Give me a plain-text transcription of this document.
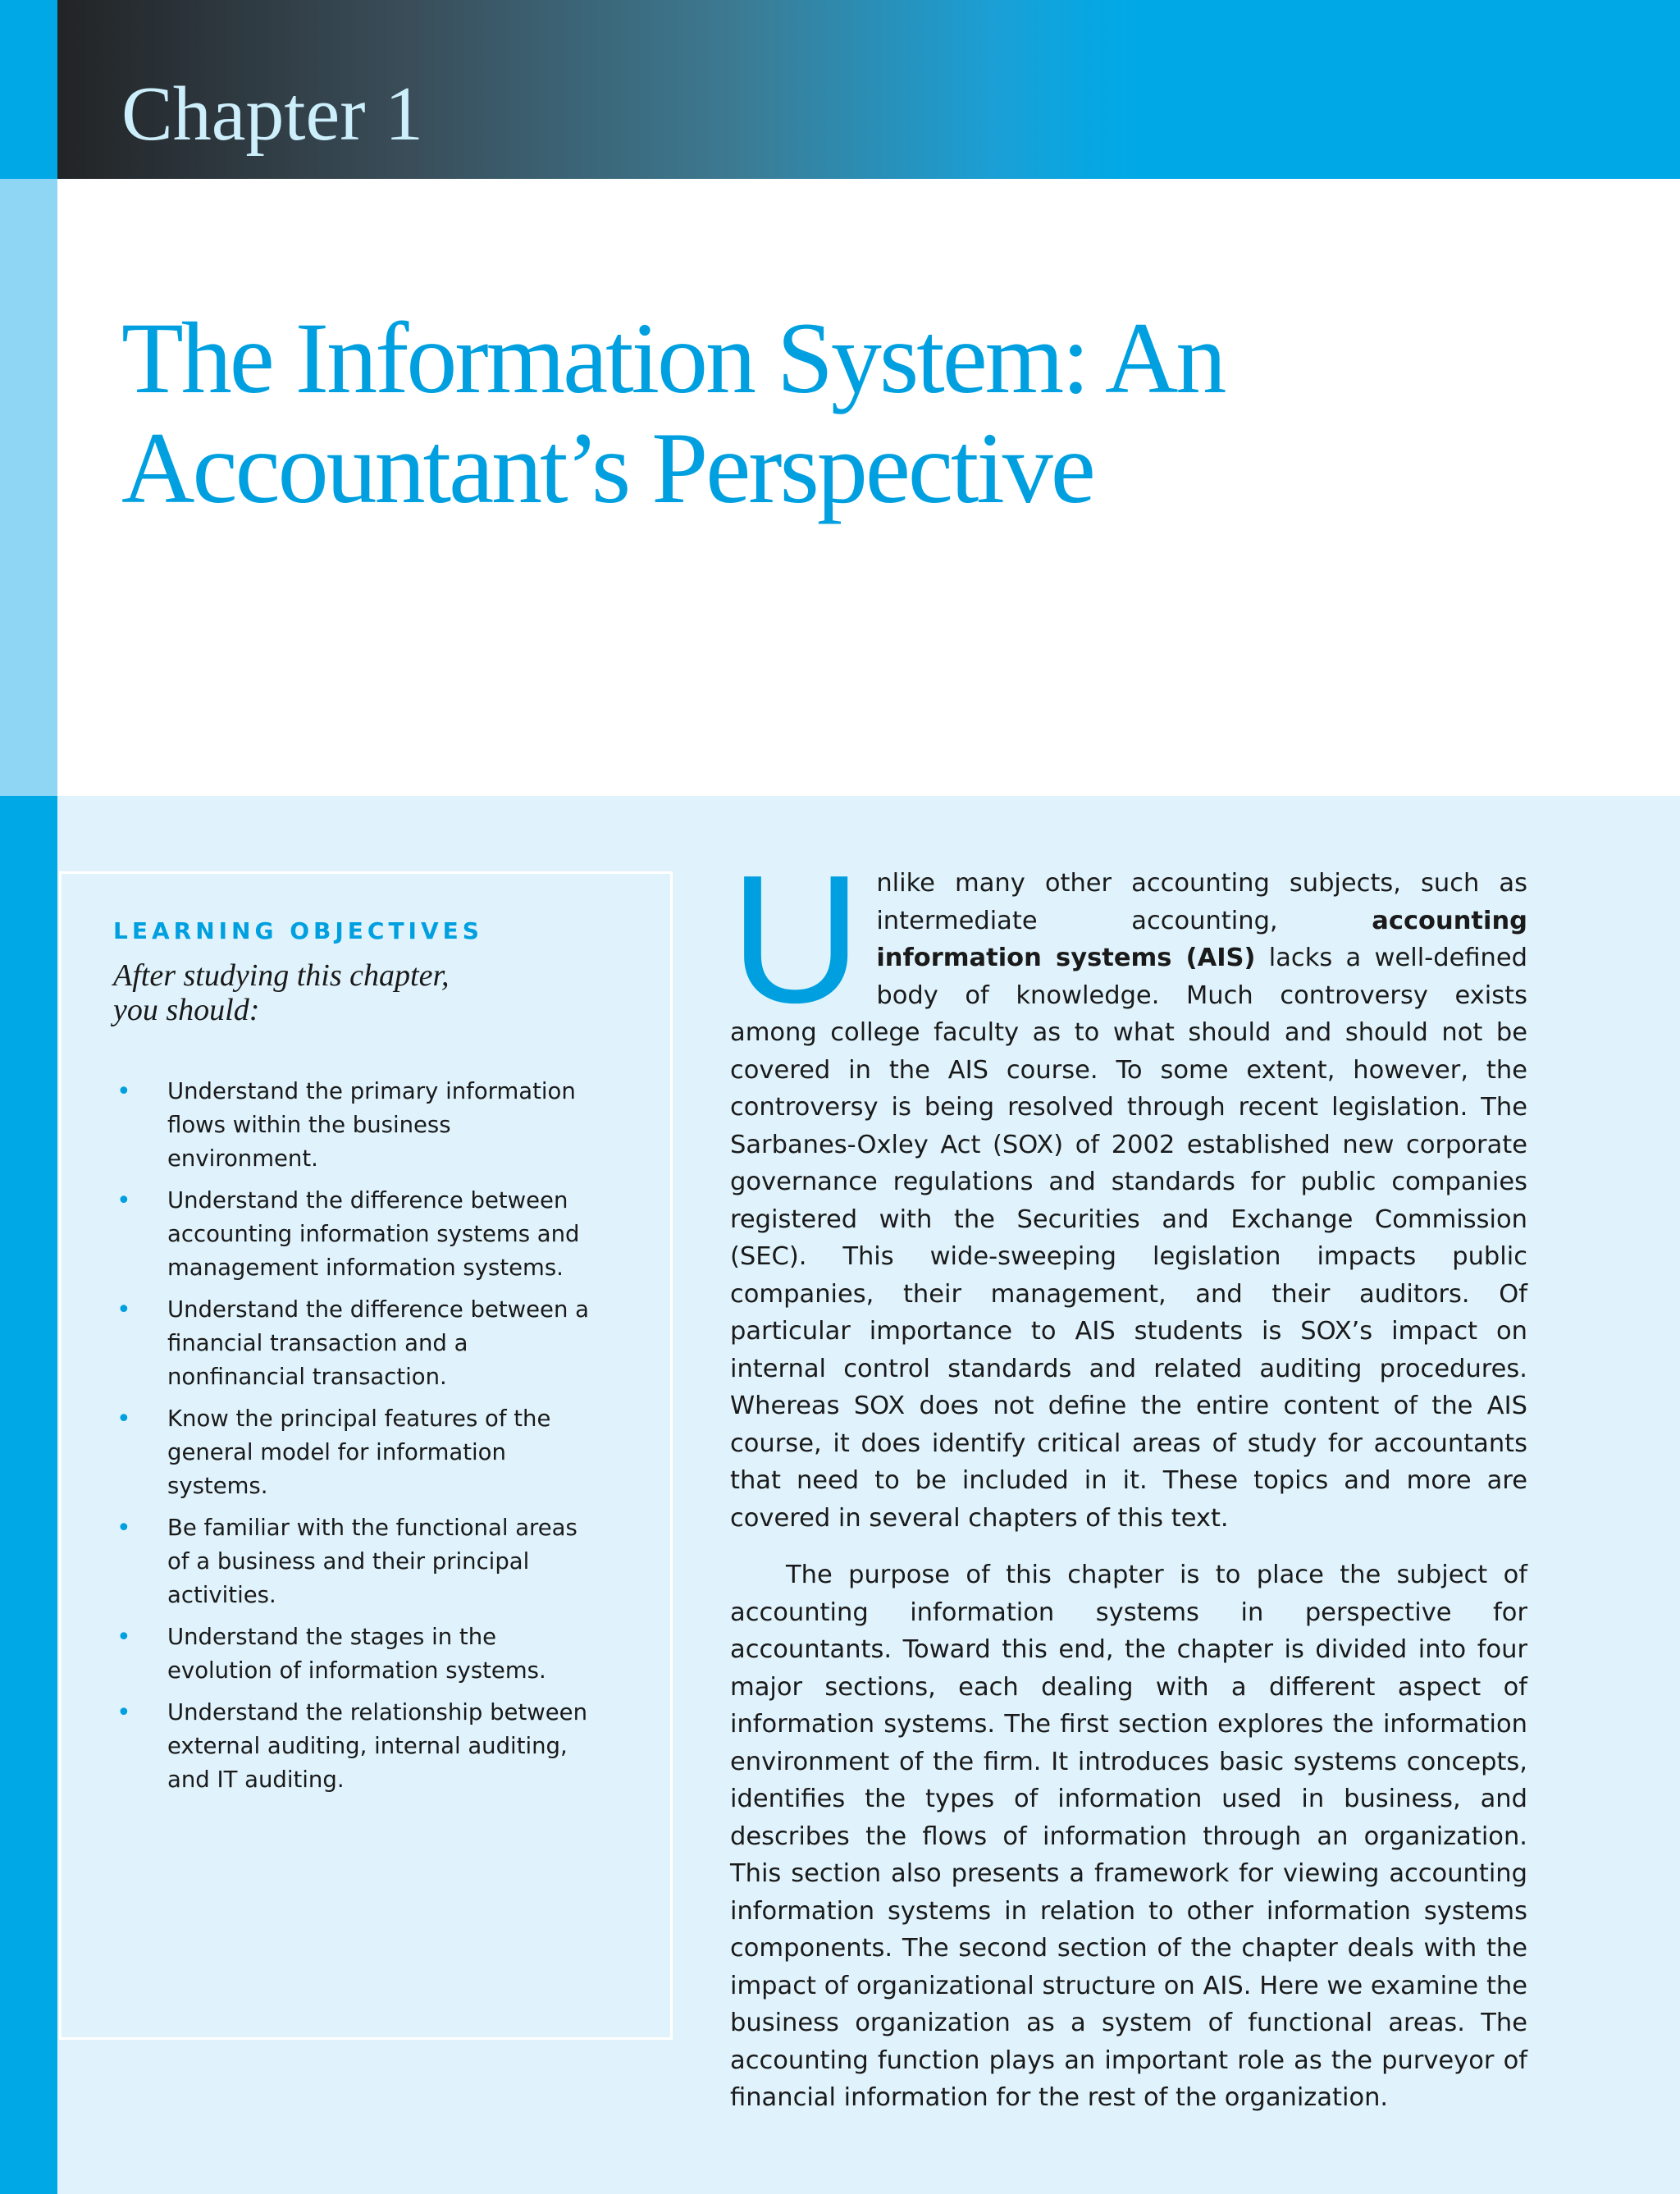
Chapter 1
The Information System: An
Accountant’s Perspective
LEARNING OBJECTIVES
After studying this chapter,
you should:
• Understand the primary information flows within the business environment.
• Understand the difference between accounting information systems and management information systems.
• Understand the difference between a financial transaction and a nonfinancial transaction.
• Know the principal features of the general model for information systems.
• Be familiar with the functional areas of a business and their principal activities.
• Understand the stages in the evolution of information systems.
• Understand the relationship between external auditing, internal auditing, and IT auditing.

Unlike many other accounting subjects, such as intermediate accounting, accounting information systems (AIS) lacks a well-defined body of knowledge. Much controversy exists among college faculty as to what should and should not be covered in the AIS course. To some extent, however, the controversy is being resolved through recent legislation. The Sarbanes-Oxley Act (SOX) of 2002 established new corporate governance regulations and standards for public companies registered with the Securities and Exchange Commission (SEC). This wide-sweeping legislation impacts public companies, their management, and their auditors. Of particular importance to AIS students is SOX’s impact on internal control standards and related auditing procedures. Whereas SOX does not define the entire content of the AIS course, it does identify critical areas of study for accountants that need to be included in it. These topics and more are covered in several chapters of this text.

The purpose of this chapter is to place the subject of accounting information systems in perspective for accountants. Toward this end, the chapter is divided into four major sections, each dealing with a different aspect of information systems. The first section explores the information environment of the firm. It introduces basic systems concepts, identifies the types of information used in business, and describes the flows of information through an organization. This section also presents a framework for viewing accounting information systems in relation to other information systems components. The second section of the chapter deals with the impact of organizational structure on AIS. Here we examine the business organization as a system of functional areas. The accounting function plays an important role as the purveyor of financial information for the rest of the organization.
